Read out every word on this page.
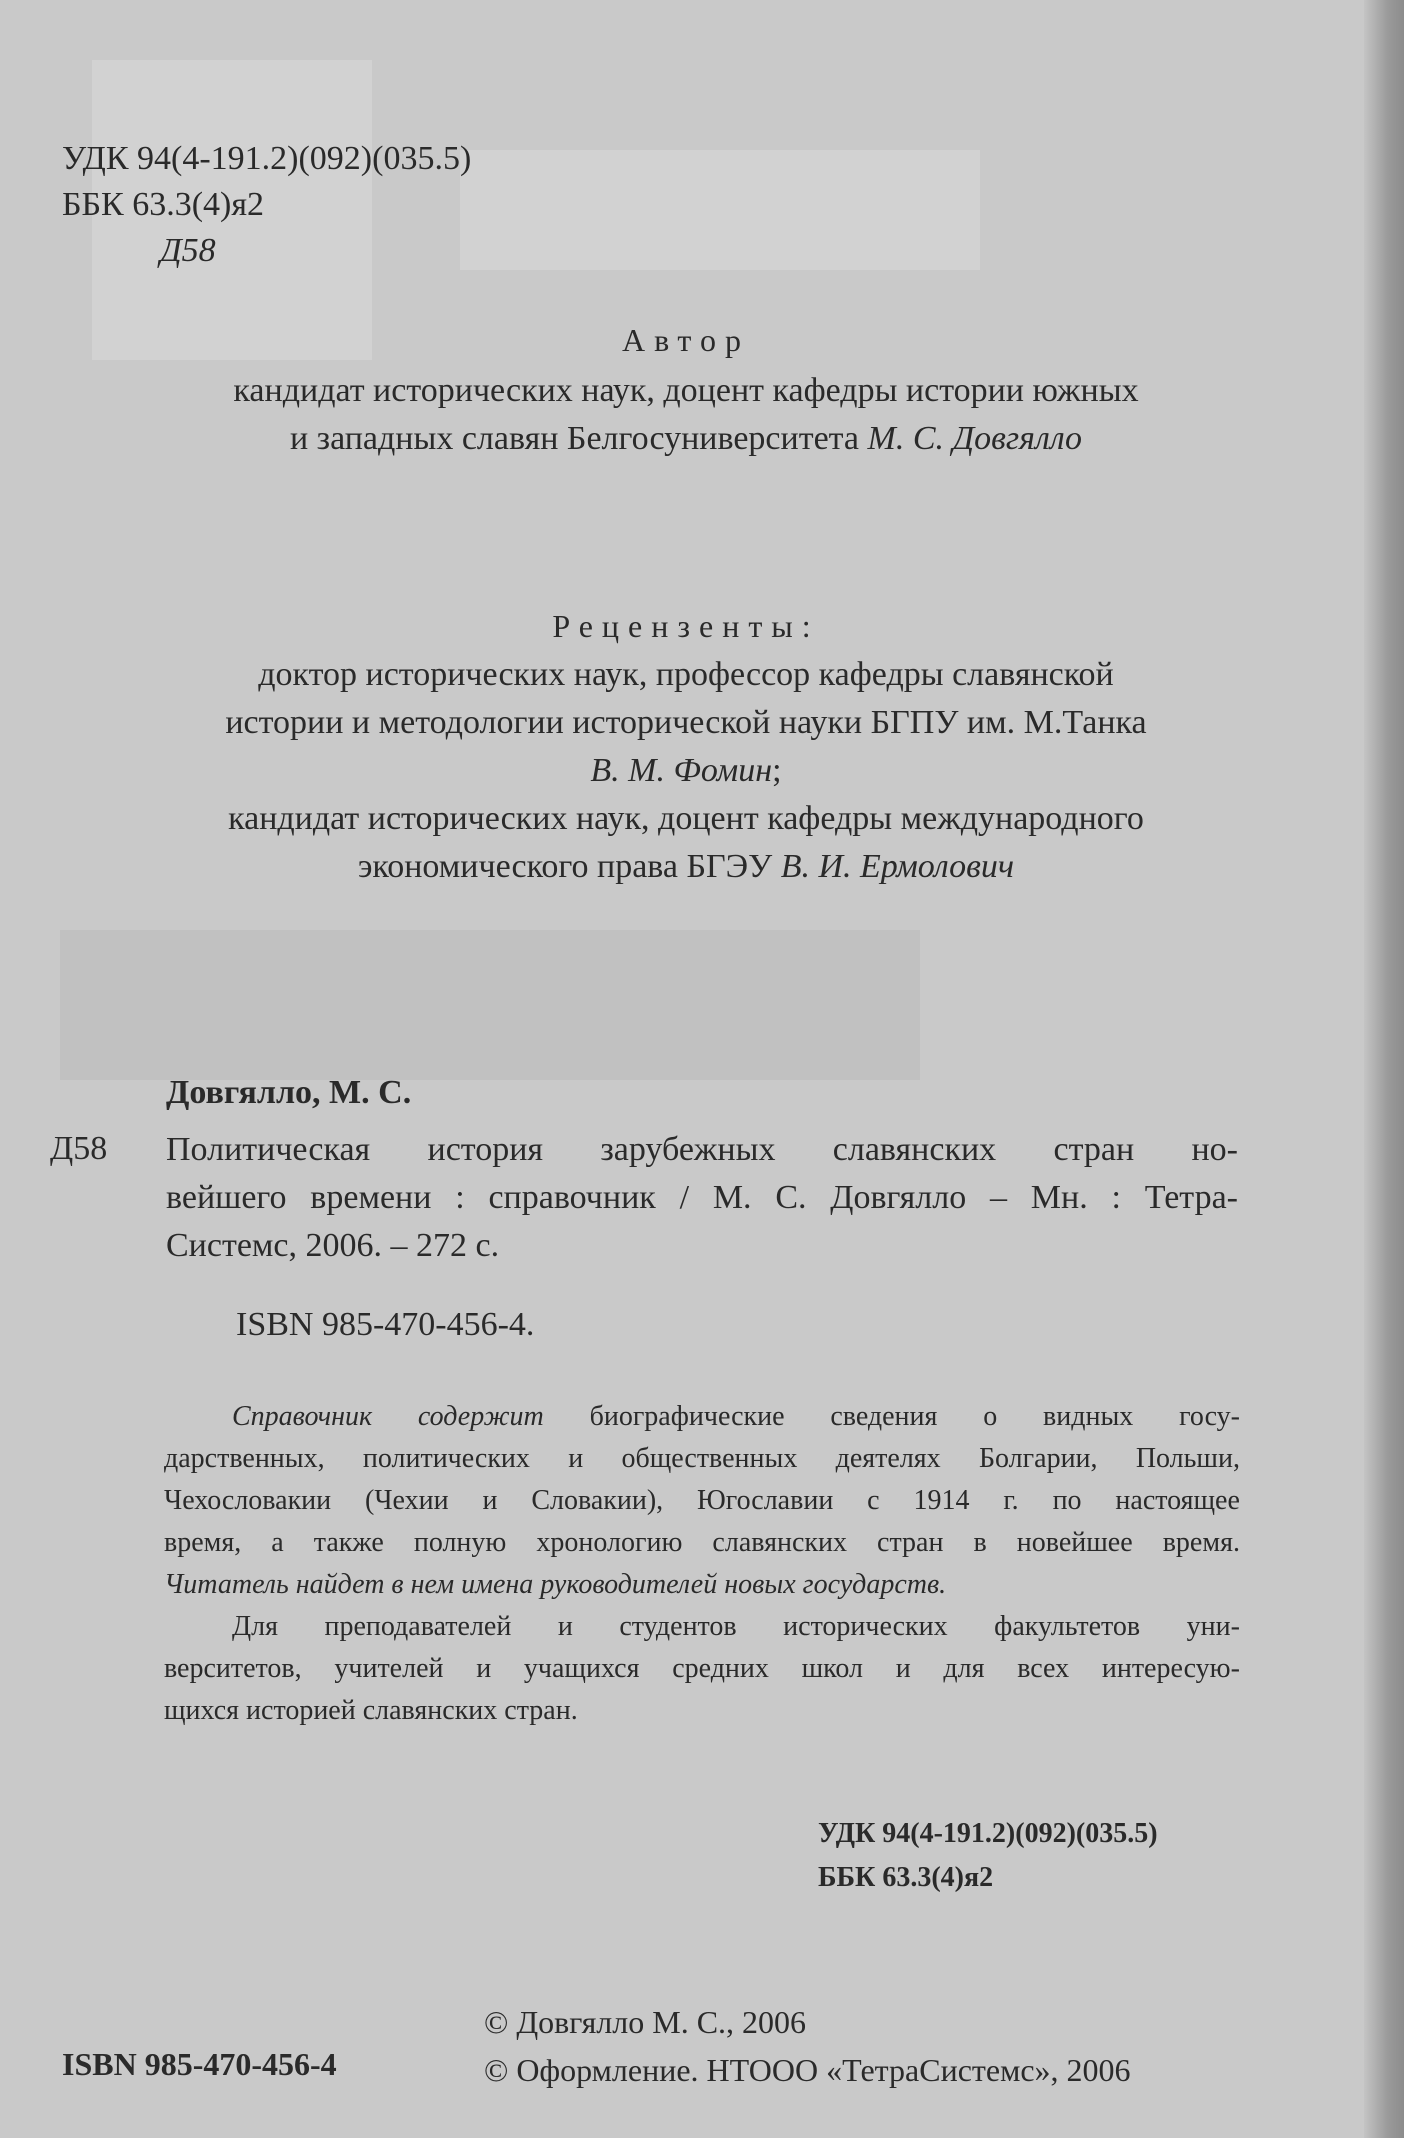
УДК 94(4-191.2)(092)(035.5)
ББК 63.3(4)я2
Д58
Автор
кандидат исторических наук, доцент кафедры истории южных
и западных славян Белгосуниверситета М. С. Довгялло
Рецензенты:
доктор исторических наук, профессор кафедры славянской
истории и методологии исторической науки БГПУ им. М.Танка
В. М. Фомин;
кандидат исторических наук, доцент кафедры международного
экономического права БГЭУ В. И. Ермолович
Довгялло, М. С.
Д58 Политическая история зарубежных славянских стран но-
вейшего времени : справочник / М. С. Довгялло – Мн. : Тетра-
Системс, 2006. – 272 с.
ISBN 985-470-456-4.
Справочник содержит биографические сведения о видных госу-
дарственных, политических и общественных деятелях Болгарии, Польши,
Чехословакии (Чехии и Словакии), Югославии с 1914 г. по настоящее
время, а также полную хронологию славянских стран в новейшее время.
Читатель найдет в нем имена руководителей новых государств.
Для преподавателей и студентов исторических факультетов уни-
верситетов, учителей и учащихся средних школ и для всех интересую-
щихся историей славянских стран.
УДК 94(4-191.2)(092)(035.5)
ББК 63.3(4)я2
ISBN 985-470-456-4
© Довгялло М. С., 2006
© Оформление. НТООО «ТетраСистемс», 2006
